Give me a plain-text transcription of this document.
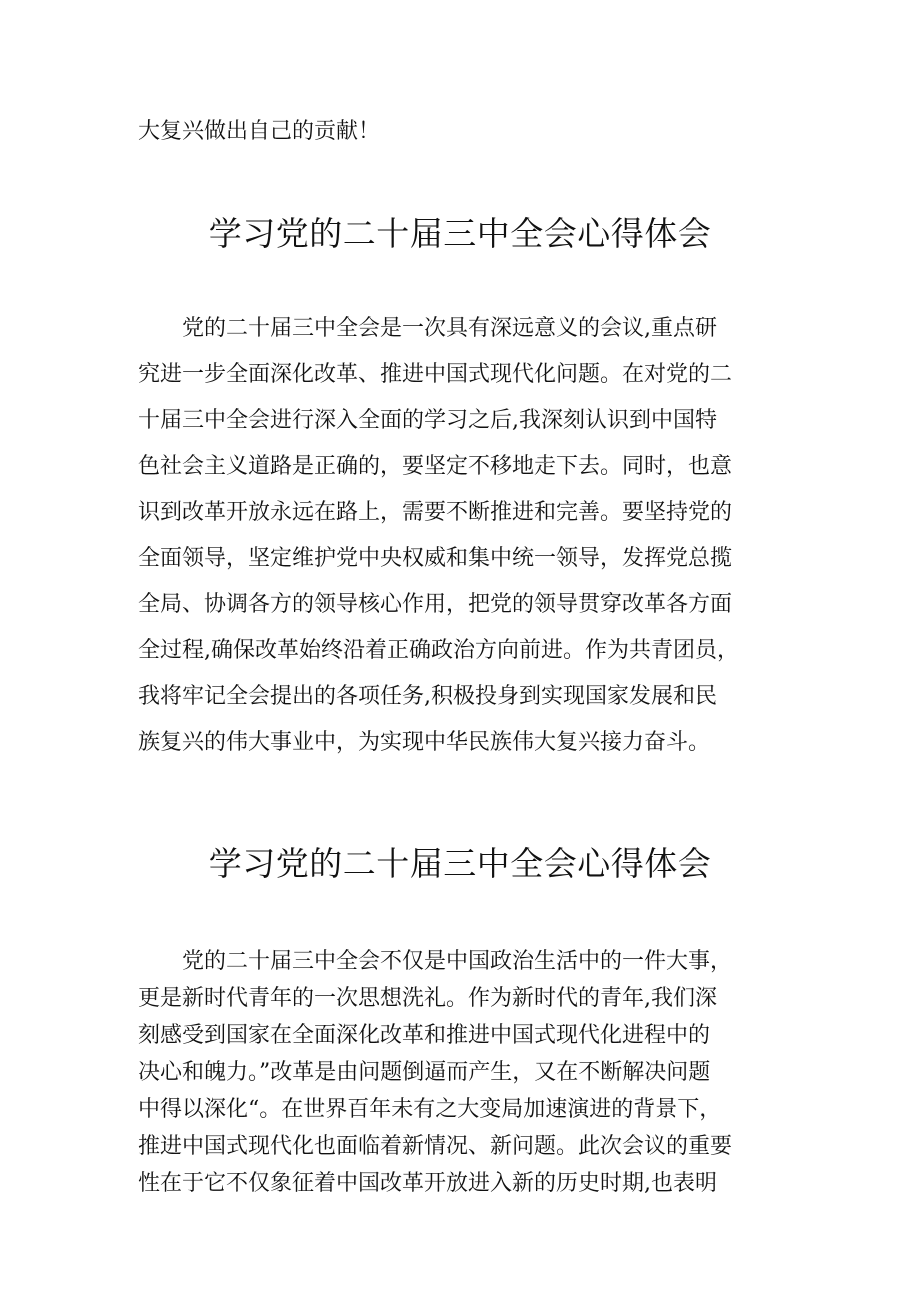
大复兴做出自己的贡献！

学习党的二十届三中全会心得体会

党的二十届三中全会是一次具有深远意义的会议,重点研
究进一步全面深化改革、推进中国式现代化问题。在对党的二
十届三中全会进行深入全面的学习之后,我深刻认识到中国特
色社会主义道路是正确的，要坚定不移地走下去。同时，也意
识到改革开放永远在路上，需要不断推进和完善。要坚持党的
全面领导，坚定维护党中央权威和集中统一领导，发挥党总揽
全局、协调各方的领导核心作用，把党的领导贯穿改革各方面
全过程,确保改革始终沿着正确政治方向前进。作为共青团员，
我将牢记全会提出的各项任务,积极投身到实现国家发展和民
族复兴的伟大事业中，为实现中华民族伟大复兴接力奋斗。

学习党的二十届三中全会心得体会

党的二十届三中全会不仅是中国政治生活中的一件大事，
更是新时代青年的一次思想洗礼。作为新时代的青年,我们深
刻感受到国家在全面深化改革和推进中国式现代化进程中的
决心和魄力。”改革是由问题倒逼而产生，又在不断解决问题
中得以深化“。在世界百年未有之大变局加速演进的背景下，
推进中国式现代化也面临着新情况、新问题。此次会议的重要
性在于它不仅象征着中国改革开放进入新的历史时期,也表明
